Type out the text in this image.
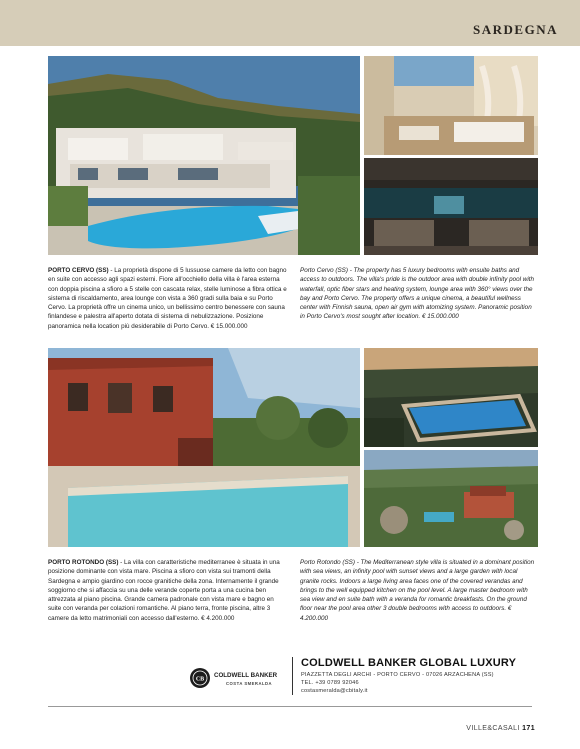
SARDEGNA
PORTO CERVO (SS) - La proprietà dispone di 5 lussuose camere da letto con bagno en suite con accesso agli spazi esterni. Fiore all'occhiello della villa è l'area esterna con doppia piscina a sfioro a 5 stelle con cascata relax, stelle luminose a fibra ottica e sistema di riscaldamento, area lounge con vista a 360 gradi sulla baia e su Porto Cervo. La proprietà offre un cinema unico, un bellissimo centro benessere con sauna finlandese e palestra all'aperto dotata di sistema di nebulizzazione. Posizione panoramica nella location più desiderabile di Porto Cervo. € 15.000.000
Porto Cervo (SS) - The property has 5 luxury bedrooms with ensuite baths and access to outdoors. The villa's pride is the outdoor area with double infinity pool with waterfall, optic fiber stars and heating system, lounge area with 360° views over the bay and Porto Cervo. The property offers a unique cinema, a beautiful wellness center with Finnish sauna, open air gym with atomizing system. Panoramic position in Porto Cervo's most sought after location. € 15.000.000
PORTO ROTONDO (SS) - La villa con caratteristiche mediterranee è situata in una posizione dominante con vista mare. Piscina a sfioro con vista sui tramonti della Sardegna e ampio giardino con rocce granitiche della zona. Internamente il grande soggiorno che si affaccia su una delle verande coperte porta a una cucina ben attrezzata al piano piscina. Grande camera padronale con vista mare e bagno en suite con veranda per colazioni romantiche. Al piano terra, fronte piscina, altre 3 camere da letto matrimoniali con accesso dall'esterno. € 4.200.000
Porto Rotondo (SS) - The Mediterranean style villa is situated in a dominant position with sea views, an infinity pool with sunset views and a large garden with local granite rocks. Indoors a large living area faces one of the covered verandas and brings to the well equipped kitchen on the pool level. A large master bedroom with sea view and en suite bath with a veranda for romantic breakfasts. On the ground floor near the pool area other 3 double bedrooms with access to outdoors. € 4.200.000
CB
COLDWELL BANKER
COSTA SMERALDA
COLDWELL BANKER GLOBAL LUXURY
PIAZZETTA DEGLI ARCHI - PORTO CERVO - 07026 ARZACHENA (SS)
TEL. +39 0789 92046
costasmeralda@cbitaly.it
VILLE&CASALI 171
